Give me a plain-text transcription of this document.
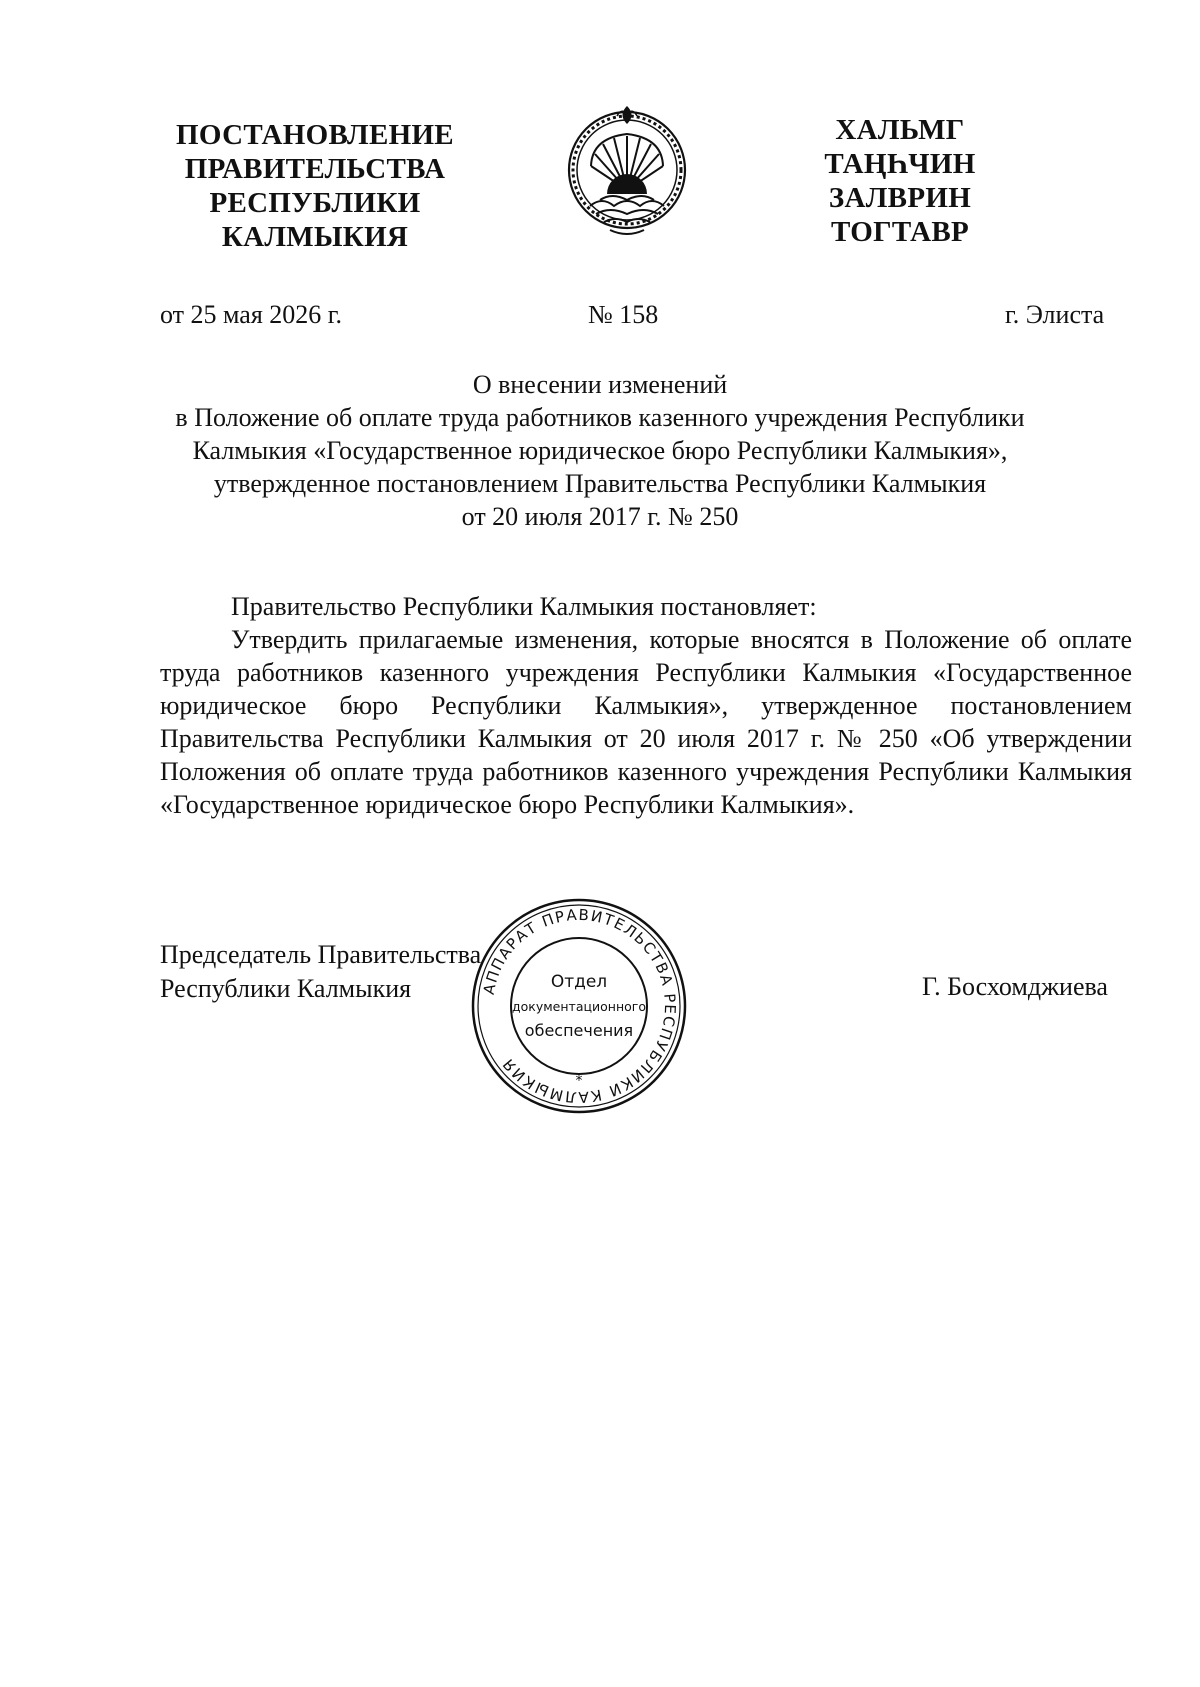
ПОСТАНОВЛЕНИЕ
ПРАВИТЕЛЬСТВА
РЕСПУБЛИКИ
КАЛМЫКИЯ
ХАЛЬМГ
ТАҢҺЧИН
ЗАЛВРИН
ТОГТАВР
от 25 мая 2026 г.	№ 158	г. Элиста
О внесении изменений
в Положение об оплате труда работников казенного учреждения Республики
Калмыкия «Государственное юридическое бюро Республики Калмыкия»,
утвержденное постановлением Правительства Республики Калмыкия
от 20 июля 2017 г. № 250
Правительство Республики Калмыкия постановляет:
Утвердить прилагаемые изменения, которые вносятся в Положение об оплате труда работников казенного учреждения Республики Калмыкия «Государственное юридическое бюро Республики Калмыкия», утвержденное постановлением Правительства Республики Калмыкия от 20 июля 2017 г. № 250 «Об утверждении Положения об оплате труда работников казенного учреждения Республики Калмыкия «Государственное юридическое бюро Республики Калмыкия».
Председатель Правительства
Республики Калмыкия	АППАРАТ ПРАВИТЕЛЬСТВА РЕСПУБЛИКИ КАЛМЫКИЯ
*
Отдел
документационного
обеспечения
Г. Босхомджиева
